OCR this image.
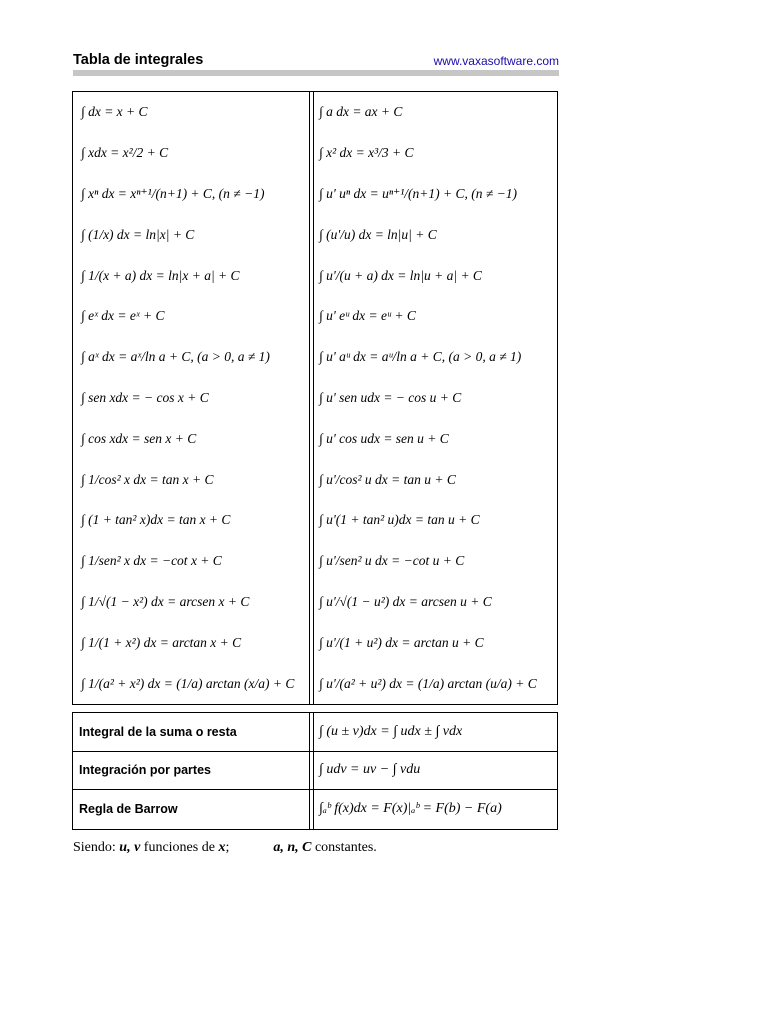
Tabla de integrales	www.vaxasoftware.com
∫ dx = x + C	∫ a dx = ax + C
∫ xdx = x²/2 + C	∫ x² dx = x³/3 + C
∫ xⁿ dx = xⁿ⁺¹/(n+1) + C, (n ≠ −1)	∫ u' uⁿ dx = uⁿ⁺¹/(n+1) + C, (n ≠ −1)
∫ (1/x) dx = ln|x| + C	∫ (u'/u) dx = ln|u| + C
∫ 1/(x + a) dx = ln|x + a| + C	∫ u'/(u + a) dx = ln|u + a| + C
∫ eˣ dx = eˣ + C	∫ u' eᵘ dx = eᵘ + C
∫ aˣ dx = aˣ/ln a + C, (a > 0, a ≠ 1)	∫ u' aᵘ dx = aᵘ/ln a + C, (a > 0, a ≠ 1)
∫ sen xdx = − cos x + C	∫ u' sen udx = − cos u + C
∫ cos xdx = sen x + C	∫ u' cos udx = sen u + C
∫ 1/cos² x dx = tan x + C	∫ u'/cos² u dx = tan u + C
∫ (1 + tan² x)dx = tan x + C	∫ u'(1 + tan² u)dx = tan u + C
∫ 1/sen² x dx = −cot x + C	∫ u'/sen² u dx = −cot u + C
∫ 1/√(1 − x²) dx = arcsen x + C	∫ u'/√(1 − u²) dx = arcsen u + C
∫ 1/(1 + x²) dx = arctan x + C	∫ u'/(1 + u²) dx = arctan u + C
∫ 1/(a² + x²) dx = (1/a) arctan (x/a) + C ∫ u'/(a² + u²) dx = (1/a) arctan (u/a) + C
Integral de la suma o resta	∫ (u ± v)dx = ∫ udx ± ∫ vdx
Integración por partes	∫ udv = uv − ∫ vdu
Regla de Barrow	∫ₐᵇ f(x)dx = F(x)|ₐᵇ = F(b) − F(a)
Siendo: u, v funciones de x;	a, n, C constantes.
